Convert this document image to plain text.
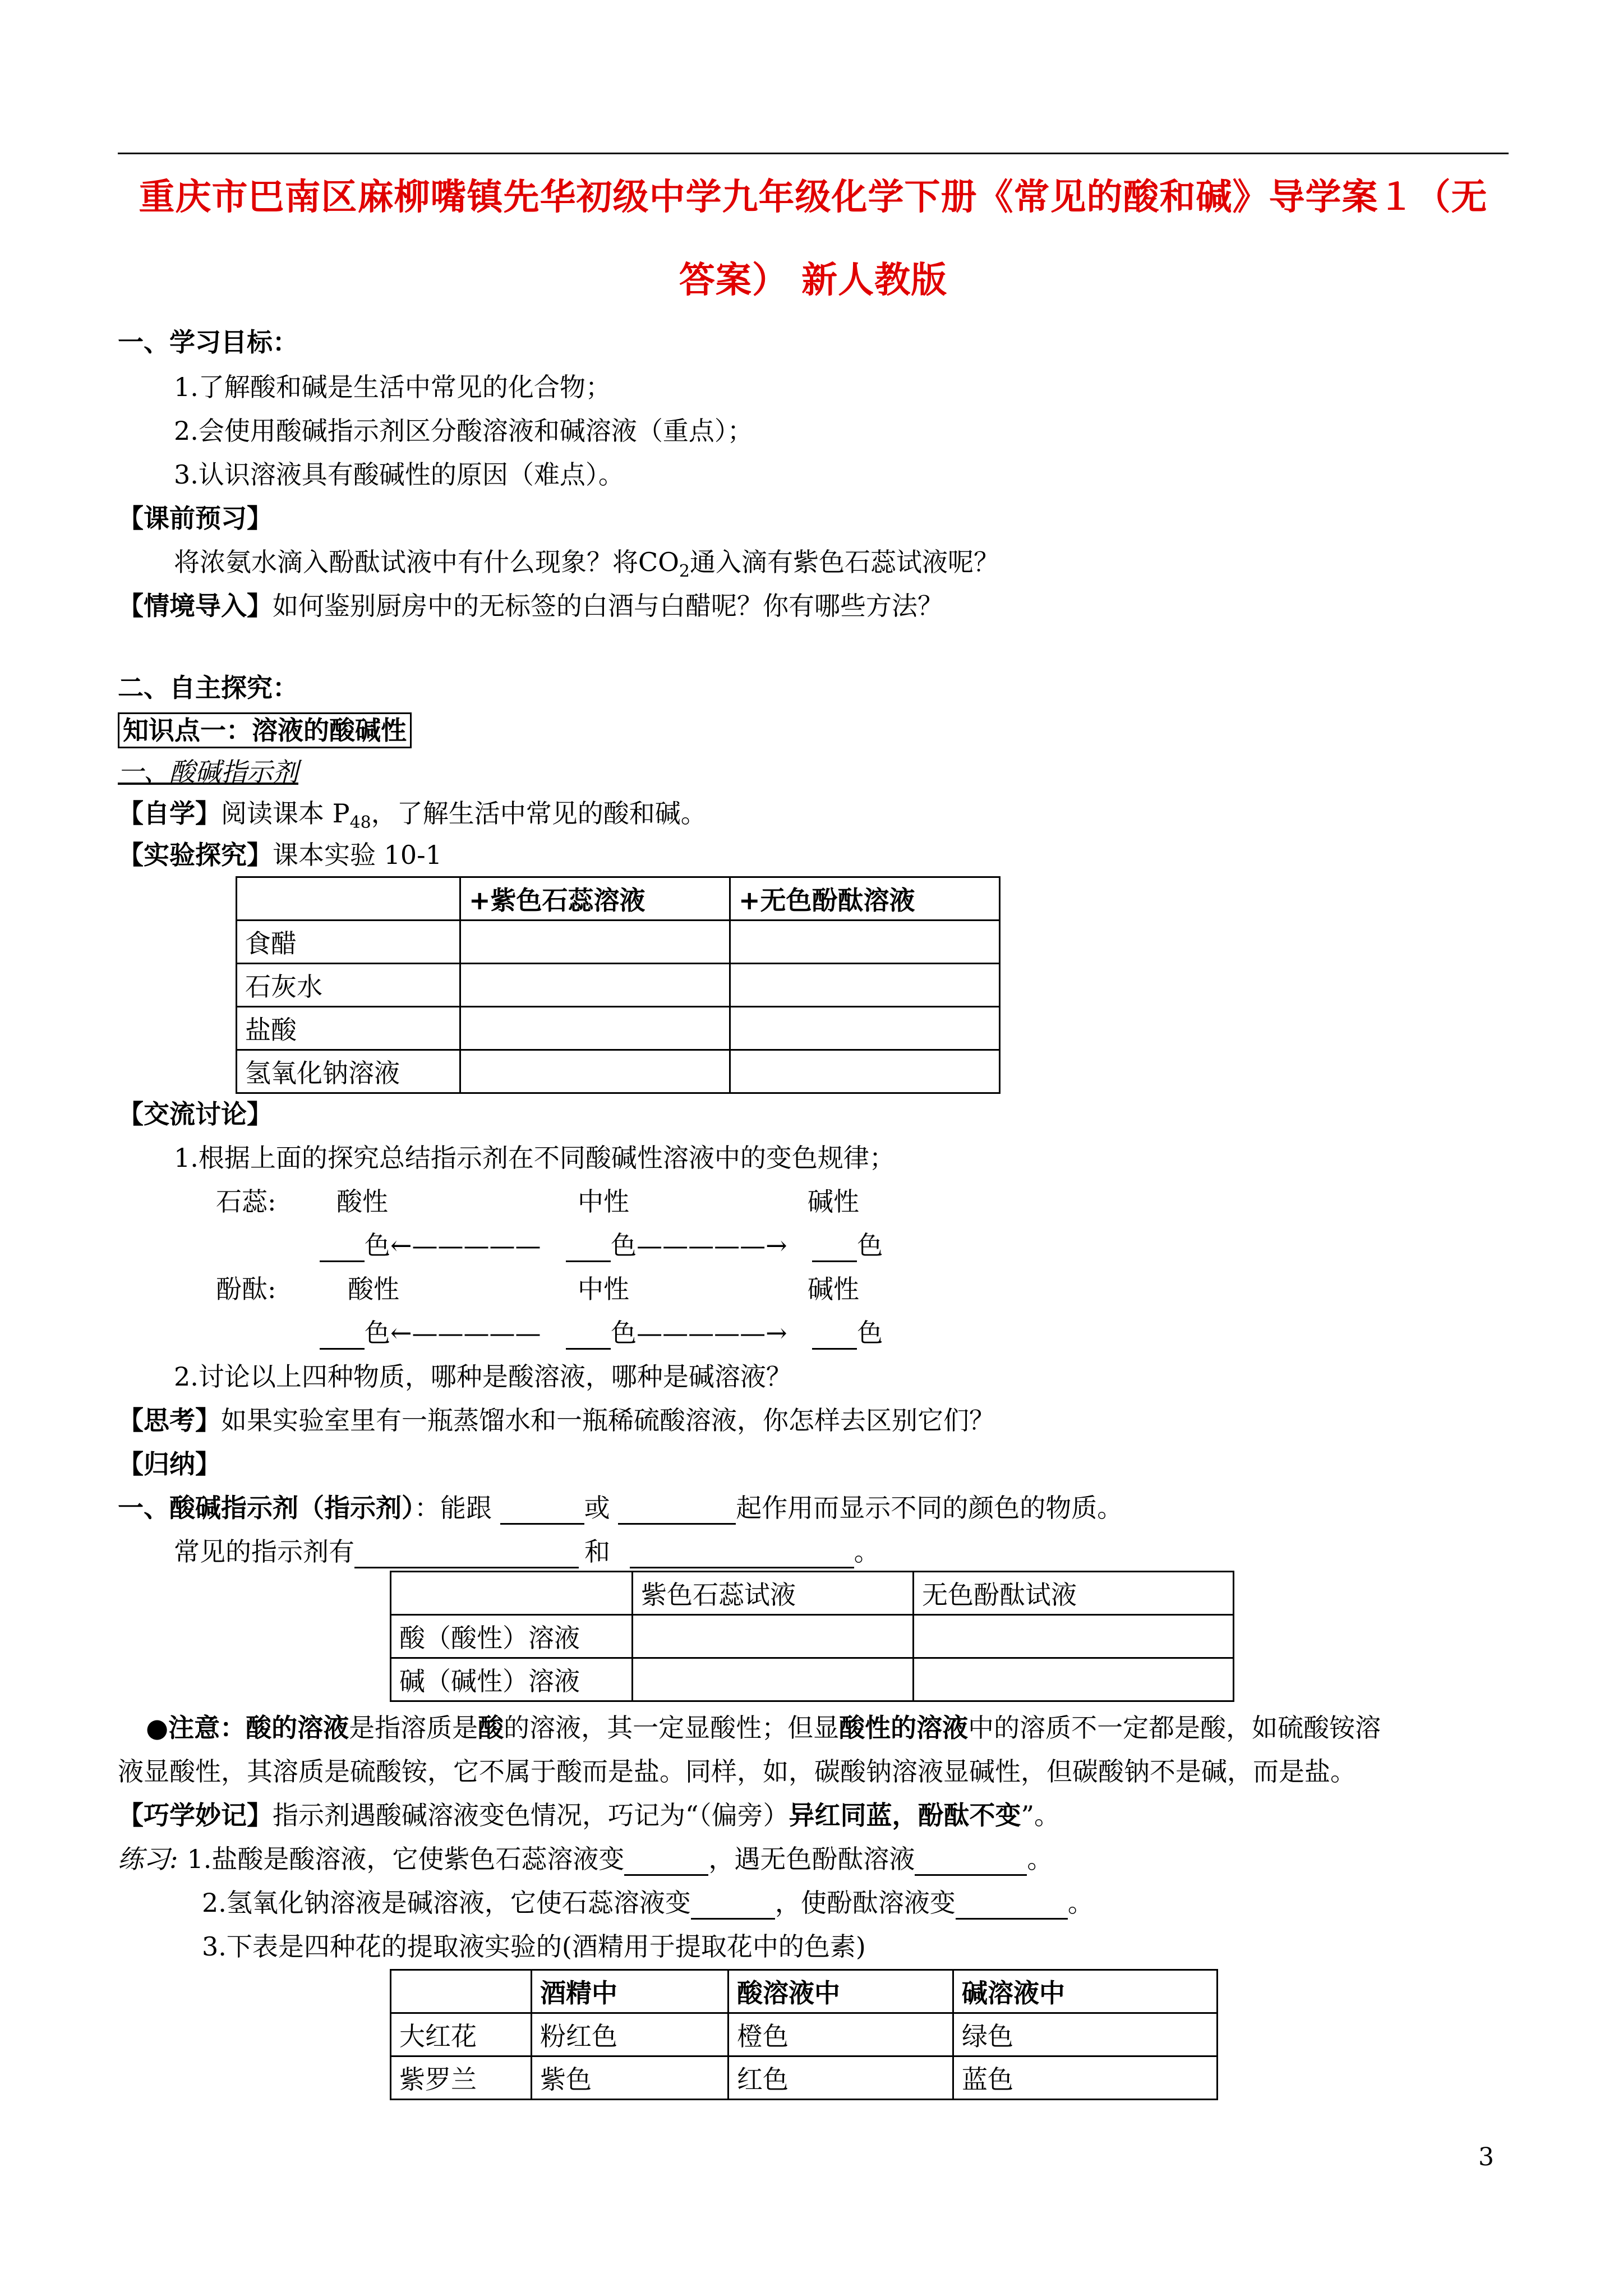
重庆市巴南区麻柳嘴镇先华初级中学九年级化学下册《常见的酸和碱》导学案１（无
答案） 新人教版
一、学习目标：
1.了解酸和碱是生活中常见的化合物；
2.会使用酸碱指示剂区分酸溶液和碱溶液（重点）；
3.认识溶液具有酸碱性的原因（难点）。
【课前预习】
将浓氨水滴入酚酞试液中有什么现象？将$CO_2$通入滴有紫色石蕊试液呢？
【情境导入】如何鉴别厨房中的无标签的白酒与白醋呢？你有哪些方法？
二、自主探究：
知识点一：溶液的酸碱性
一、酸碱指示剂
【自学】阅读课本 $P_{48}$，了解生活中常见的酸和碱。
【实验探究】课本实验 10-1
	+紫色石蕊溶液	+无色酚酞溶液
食醋		
石灰水		
盐酸		
氢氧化钠溶液		
【交流讨论】
1.根据上面的探究总结指示剂在不同酸碱性溶液中的变色规律；
石蕊: 酸性	中性	碱性
色←—————	色—————→	色
酚酞:	酸性	中性	碱性
色←—————	色—————→	色
2.讨论以上四种物质，哪种是酸溶液，哪种是碱溶液？
【思考】如果实验室里有一瓶蒸馏水和一瓶稀硫酸溶液，你怎样去区别它们？
【归纳】
一、酸碱指示剂（指示剂）：能跟	或	起作用而显示不同的颜色的物质。
常见的指示剂有	和	。
	紫色石蕊试液	无色酚酞试液
酸（酸性）溶液		
碱（碱性）溶液		
●注意：酸的溶液是指溶质是酸的溶液，其一定显酸性；但显酸性的溶液中的溶质不一定都是酸，如硫酸铵溶
液显酸性，其溶质是硫酸铵，它不属于酸而是盐。同样，如，碳酸钠溶液显碱性，但碳酸钠不是碱，而是盐。
【巧学妙记】指示剂遇酸碱溶液变色情况，巧记为“（偏旁）异红同蓝，酚酞不变”。
练习: 1.盐酸是酸溶液，它使紫色石蕊溶液变	，遇无色酚酞溶液	。
2.氢氧化钠溶液是碱溶液，它使石蕊溶液变	，使酚酞溶液变	。
3.下表是四种花的提取液实验的(酒精用于提取花中的色素)
	酒精中	酸溶液中	碱溶液中
大红花	粉红色	橙色	绿色
紫罗兰	紫色	红色	蓝色
3
